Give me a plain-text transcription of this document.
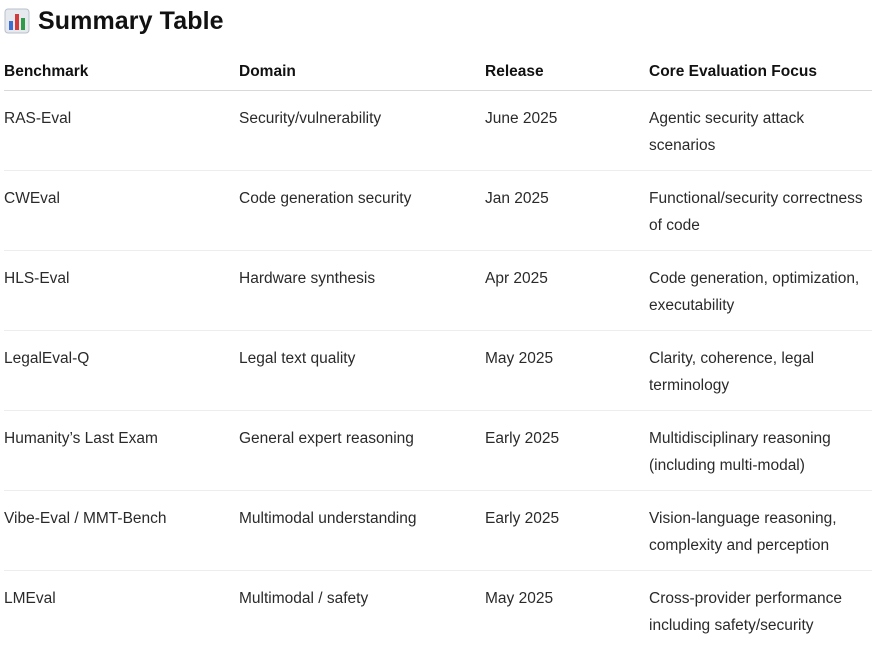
Summary Table
Benchmark	Domain	Release	Core Evaluation Focus
RAS-Eval	Security/vulnerability	June 2025	Agentic security attack
scenarios

CWEval	Code generation security	Jan 2025	Functional/security correctness
of code

HLS-Eval	Hardware synthesis	Apr 2025	Code generation, optimization,
executability

LegalEval-Q	Legal text quality	May 2025	Clarity, coherence, legal
terminology

Humanity’s Last Exam	General expert reasoning	Early 2025	Multidisciplinary reasoning
(including multi-modal)

Vibe-Eval / MMT-Bench	Multimodal understanding	Early 2025	Vision-language reasoning,
complexity and perception

LMEval	Multimodal / safety	May 2025	Cross-provider performance
including safety/security
